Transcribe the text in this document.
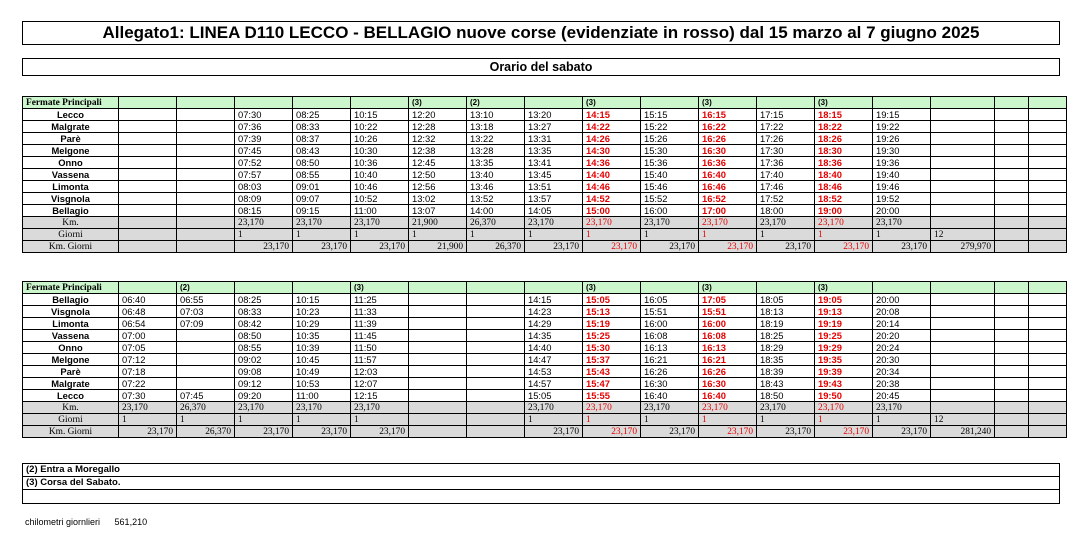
Allegato1: LINEA D110 LECCO - BELLAGIO nuove corse (evidenziate in rosso) dal 15 marzo al 7 giugno 2025
Orario del sabato
Fermate Principali						(3)	(2)		(3)		(3)		(3)				
Lecco			07:30	08:25	10:15	12:20	13:10	13:20	14:15	15:15	16:15	17:15	18:15	19:15			
Malgrate			07:36	08:33	10:22	12:28	13:18	13:27	14:22	15:22	16:22	17:22	18:22	19:22			
Parè			07:39	08:37	10:26	12:32	13:22	13:31	14:26	15:26	16:26	17:26	18:26	19:26			
Melgone			07:45	08:43	10:30	12:38	13:28	13:35	14:30	15:30	16:30	17:30	18:30	19:30			
Onno			07:52	08:50	10:36	12:45	13:35	13:41	14:36	15:36	16:36	17:36	18:36	19:36			
Vassena			07:57	08:55	10:40	12:50	13:40	13:45	14:40	15:40	16:40	17:40	18:40	19:40			
Limonta			08:03	09:01	10:46	12:56	13:46	13:51	14:46	15:46	16:46	17:46	18:46	19:46			
Visgnola			08:09	09:07	10:52	13:02	13:52	13:57	14:52	15:52	16:52	17:52	18:52	19:52			
Bellagio			08:15	09:15	11:00	13:07	14:00	14:05	15:00	16:00	17:00	18:00	19:00	20:00			
Km.			23,170	23,170	23,170	21,900	26,370	23,170	23,170	23,170	23,170	23,170	23,170	23,170			
Giorni			1	1	1	1	1	1	1	1	1	1	1	1	12		
Km. Giorni			23,170	23,170	23,170	21,900	26,370	23,170	23,170	23,170	23,170	23,170	23,170	23,170	279,970		
Fermate Principali		(2)			(3)				(3)		(3)		(3)				
Bellagio	06:40	06:55	08:25	10:15	11:25			14:15	15:05	16:05	17:05	18:05	19:05	20:00			
Visgnola	06:48	07:03	08:33	10:23	11:33			14:23	15:13	15:51	15:51	18:13	19:13	20:08			
Limonta	06:54	07:09	08:42	10:29	11:39			14:29	15:19	16:00	16:00	18:19	19:19	20:14			
Vassena	07:00		08:50	10:35	11:45			14:35	15:25	16:08	16:08	18:25	19:25	20:20			
Onno	07:05		08:55	10:39	11:50			14:40	15:30	16:13	16:13	18:29	19:29	20:24			
Melgone	07:12		09:02	10:45	11:57			14:47	15:37	16:21	16:21	18:35	19:35	20:30			
Parè	07:18		09:08	10:49	12:03			14:53	15:43	16:26	16:26	18:39	19:39	20:34			
Malgrate	07:22		09:12	10:53	12:07			14:57	15:47	16:30	16:30	18:43	19:43	20:38			
Lecco	07:30	07:45	09:20	11:00	12:15			15:05	15:55	16:40	16:40	18:50	19:50	20:45			
Km.	23,170	26,370	23,170	23,170	23,170			23,170	23,170	23,170	23,170	23,170	23,170	23,170			
Giorni	1	1	1	1	1			1	1	1	1	1	1	1	12		
Km. Giorni	23,170	26,370	23,170	23,170	23,170			23,170	23,170	23,170	23,170	23,170	23,170	23,170	281,240		
(2) Entra a Moregallo
(3) Corsa del Sabato.
chilometri giornlieri 561,210
